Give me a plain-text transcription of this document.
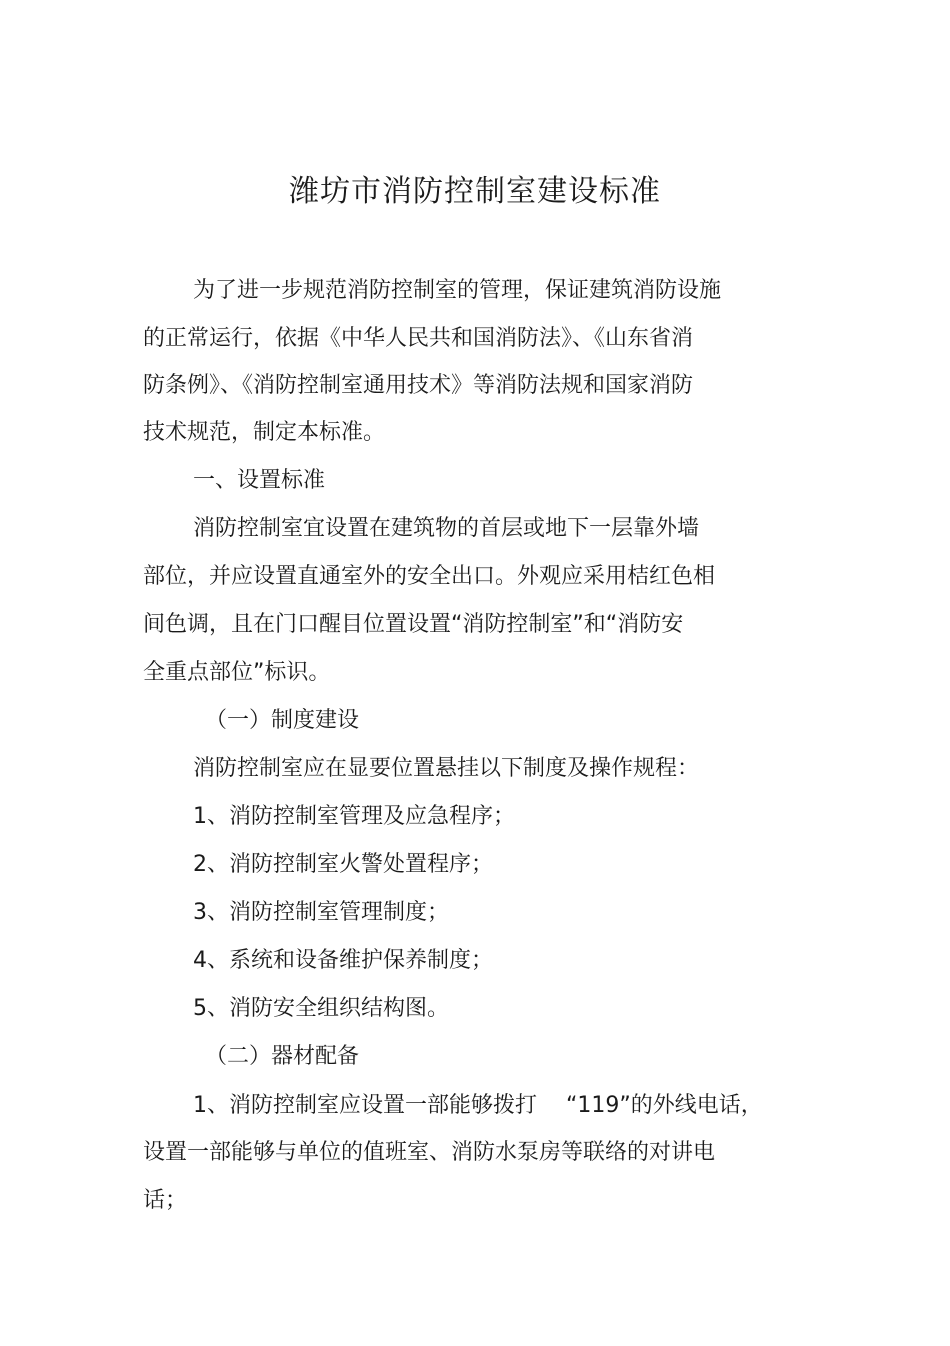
潍坊市消防控制室建设标准
为了进一步规范消防控制室的管理，保证建筑消防设施
的正常运行，依据《中华人民共和国消防法》、《山东省消
防条例》、《消防控制室通用技术》等消防法规和国家消防
技术规范，制定本标准。
一、设置标准
消防控制室宜设置在建筑物的首层或地下一层靠外墙
部位，并应设置直通室外的安全出口。外观应采用桔红色相
间色调，且在门口醒目位置设置“消防控制室”和“消防安
全重点部位”标识。
（一）制度建设
消防控制室应在显要位置悬挂以下制度及操作规程：
1、消防控制室管理及应急程序；
2、消防控制室火警处置程序；
3、消防控制室管理制度；
4、系统和设备维护保养制度；
5、消防安全组织结构图。
（二）器材配备
1、消防控制室应设置一部能够拨打　 “119”的外线电话，
设置一部能够与单位的值班室、消防水泵房等联络的对讲电
话；
